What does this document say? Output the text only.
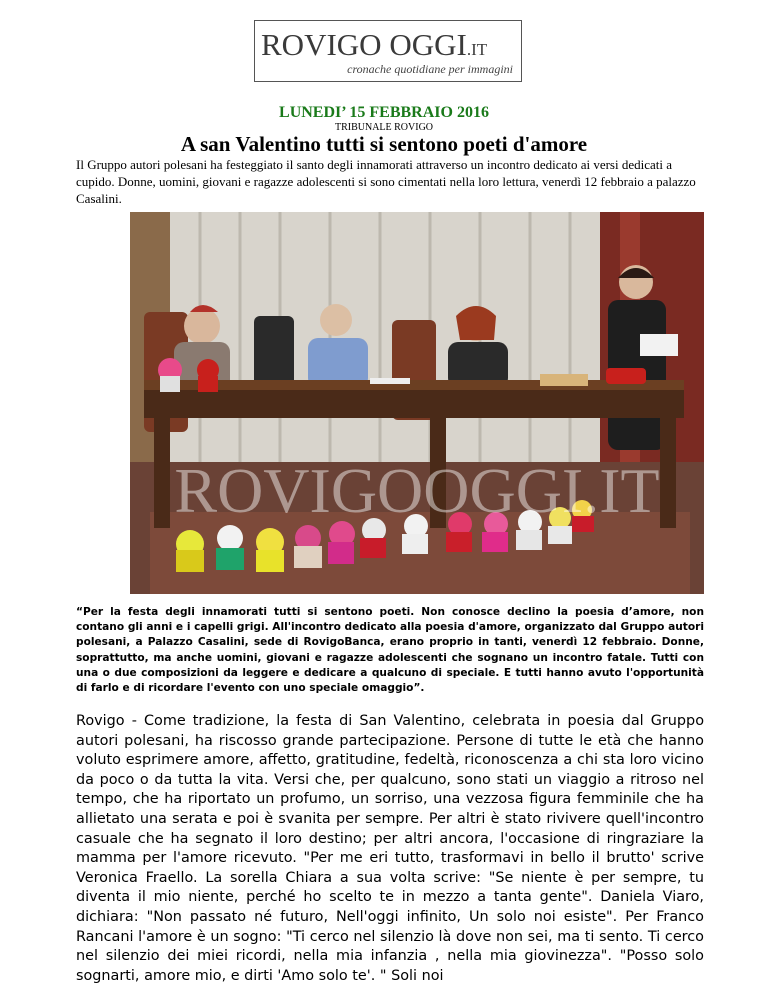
ROVIGO OGGI.IT
cronache quotidiane per immagini
LUNEDI’ 15 FEBBRAIO 2016
TRIBUNALE ROVIGO
A san Valentino tutti si sentono poeti d'amore
Il Gruppo autori polesani ha festeggiato il santo degli innamorati attraverso un incontro dedicato ai versi dedicati a cupido. Donne, uomini, giovani e ragazze adolescenti si sono cimentati nella loro lettura, venerdì 12 febbraio a palazzo Casalini.
ROVIGOOGGI.IT
“Per la festa degli innamorati tutti si sentono poeti. Non conosce declino la poesia d’amore, non contano gli anni e i capelli grigi. All'incontro dedicato alla poesia d'amore, organizzato dal Gruppo autori polesani, a Palazzo Casalini, sede di RovigoBanca, erano proprio in tanti, venerdì 12 febbraio. Donne, soprattutto, ma anche uomini, giovani e ragazze adolescenti che sognano un incontro fatale. Tutti con una o due composizioni da leggere e dedicare a qualcuno di speciale. E tutti hanno avuto l'opportunità di farlo e di ricordare l'evento con uno speciale omaggio”.

Rovigo - Come tradizione, la festa di San Valentino, celebrata in poesia dal Gruppo autori polesani, ha riscosso grande partecipazione. Persone di tutte le età che hanno voluto esprimere amore, affetto, gratitudine, fedeltà, riconoscenza a chi sta loro vicino da poco o da tutta la vita. Versi che, per qualcuno, sono stati un viaggio a ritroso nel tempo, che ha riportato un profumo, un sorriso, una vezzosa figura femminile che ha allietato una serata e poi è svanita per sempre. Per altri è stato rivivere quell'incontro casuale che ha segnato il loro destino; per altri ancora, l'occasione di ringraziare la mamma per l'amore ricevuto. "Per me eri tutto, trasformavi in bello il brutto' scrive Veronica Fraello. La sorella Chiara a sua volta scrive: "Se niente è per sempre, tu diventa il mio niente, perché ho scelto te in mezzo a tanta gente". Daniela Viaro, dichiara: "Non passato né futuro, Nell'oggi infinito, Un solo noi esiste". Per Franco Rancani l'amore è un sogno: "Ti cerco nel silenzio là dove non sei, ma ti sento. Ti cerco nel silenzio dei miei ricordi, nella mia infanzia , nella mia giovinezza". "Posso solo sognarti, amore mio, e dirti 'Amo solo te'. " Soli noi
